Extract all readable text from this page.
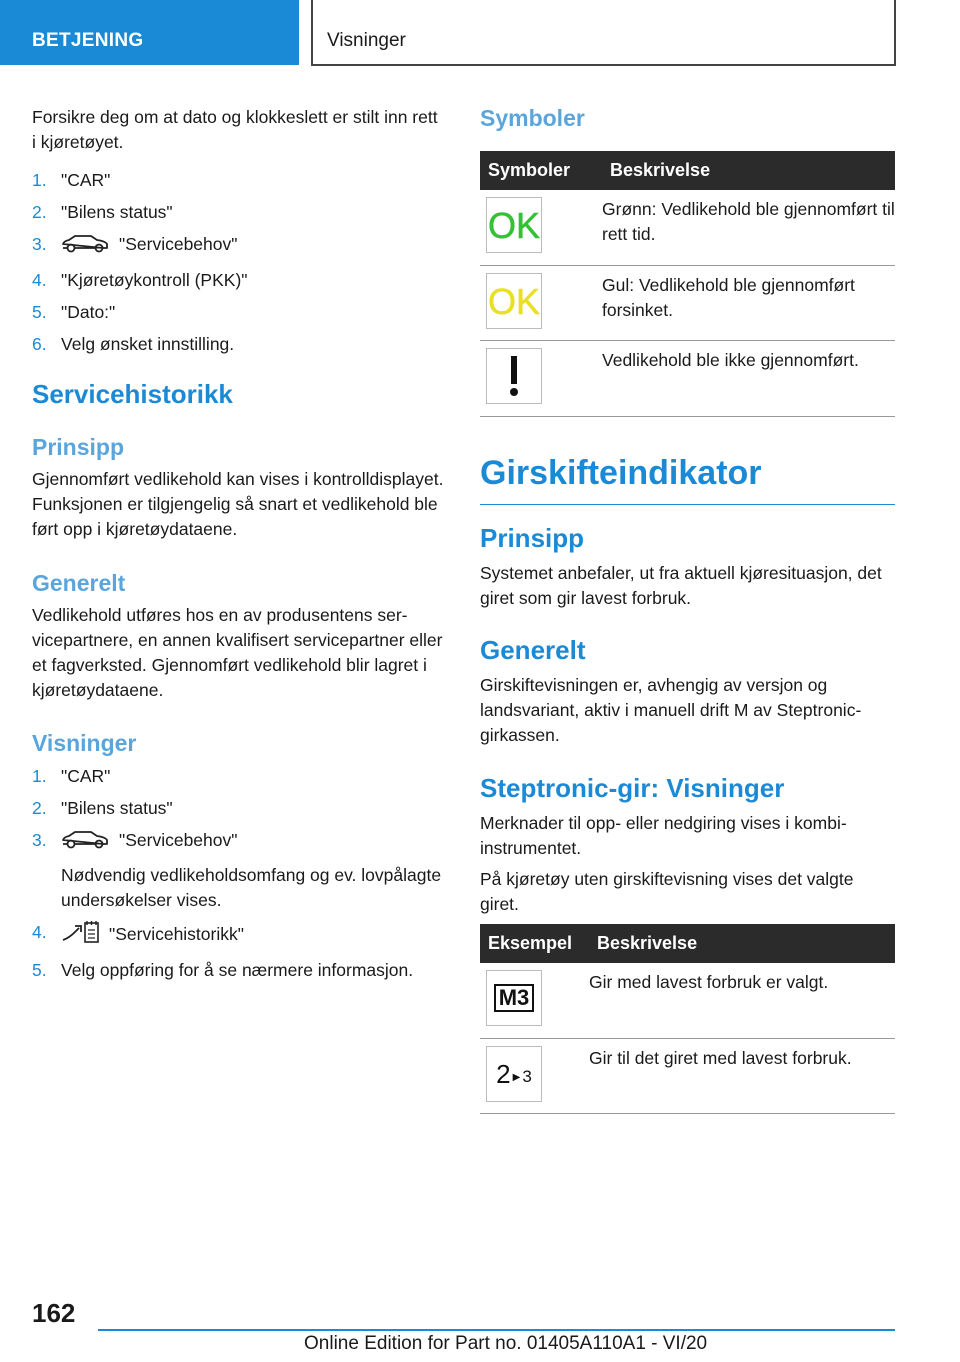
BETJENING	Visninger

Forsikre deg om at dato og klokkeslett er stilt inn rett i kjøretøyet.

1. "CAR"
2. "Bilens status"
3.	"Servicebehov"
4. "Kjøretøykontroll (PKK)"
5. "Dato:"
6. Velg ønsket innstilling.
Servicehistorikk
Prinsipp

Gjennomført vedlikehold kan vises i kontrolldisplayet. Funksjonen er tilgjengelig så snart et vedlikehold ble ført opp i kjøretøydataene.

Generelt

Vedlikehold utføres hos en av produsentens servicepartnere, en annen kvalifisert servicepartner eller et fagverksted. Gjennomført vedlikehold blir lagret i kjøretøydataene.

Visninger
1. "CAR"
2. "Bilens status"
3.	"Servicebehov"
Nødvendig vedlikeholdsomfang og ev. lovpålagte undersøkelser vises.
4.	"Servicehistorikk"
5. Velg oppføring for å se nærmere informasjon.
Symboler
Symboler	Beskrivelse

OK	Grønn: Vedlikehold ble gjennomført til rett tid.

OK	Gul: Vedlikehold ble gjennomført forsinket.

	Vedlikehold ble ikke gjennomført.
Girskifteindikator
Prinsipp

Systemet anbefaler, ut fra aktuell kjøresituasjon, det giret som gir lavest forbruk.

Generelt

Girskiftevisningen er, avhengig av versjon og landsvariant, aktiv i manuell drift M av Steptronic-girkassen.

Steptronic-gir: Visninger

Merknader til opp- eller nedgiring vises i kombiinstrumentet.

På kjøretøy uten girskiftevisning vises det valgte giret.

Eksempel	Beskrivelse

M3	Gir med lavest forbruk er valgt.

2 ▶ 3	Gir til det giret med lavest forbruk.
162
Online Edition for Part no. 01405A110A1 - VI/20
